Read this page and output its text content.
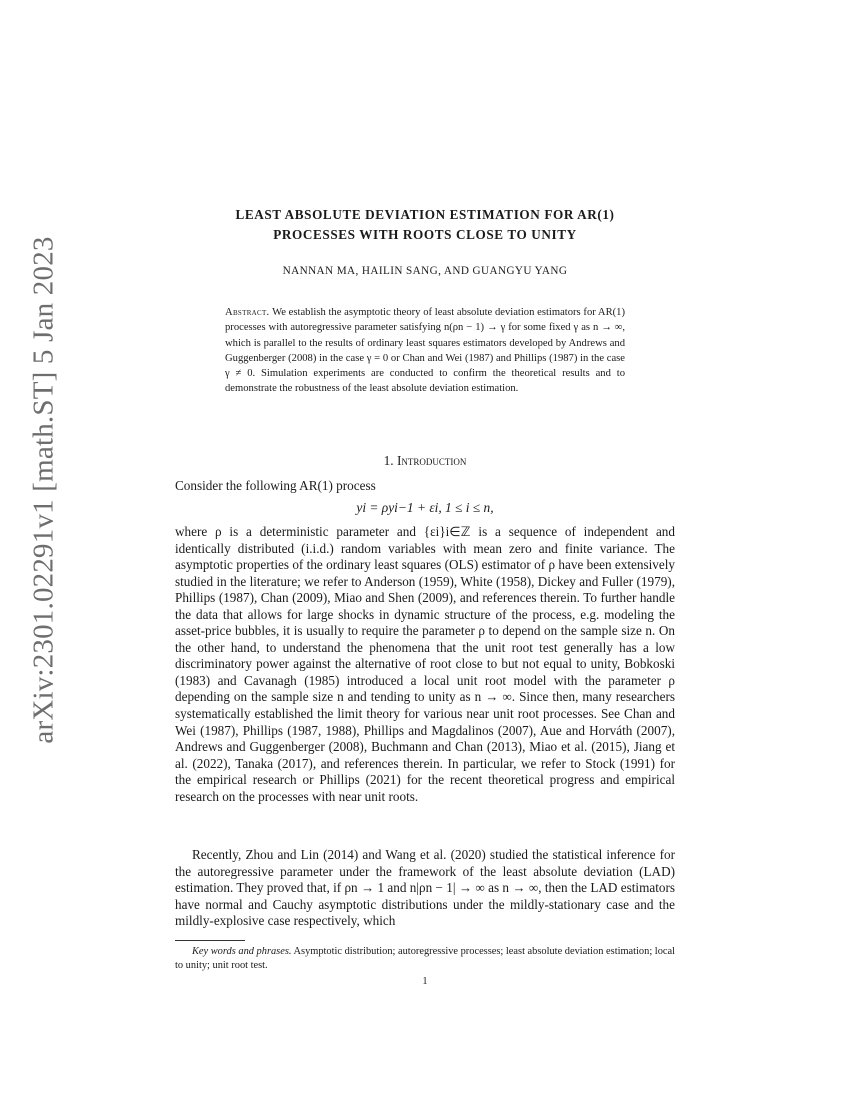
arXiv:2301.02291v1 [math.ST] 5 Jan 2023
LEAST ABSOLUTE DEVIATION ESTIMATION FOR AR(1)
PROCESSES WITH ROOTS CLOSE TO UNITY
NANNAN MA, HAILIN SANG, AND GUANGYU YANG
Abstract. We establish the asymptotic theory of least absolute deviation estimators for AR(1) processes with autoregressive parameter satisfying n(ρn − 1) → γ for some fixed γ as n → ∞, which is parallel to the results of ordinary least squares estimators developed by Andrews and Guggenberger (2008) in the case γ = 0 or Chan and Wei (1987) and Phillips (1987) in the case γ ≠ 0. Simulation experiments are conducted to confirm the theoretical results and to demonstrate the robustness of the least absolute deviation estimation.
1. Introduction
Consider the following AR(1) process
yi = ρyi−1 + εi, 1 ≤ i ≤ n,
where ρ is a deterministic parameter and {εi}i∈ℤ is a sequence of independent and identically distributed (i.i.d.) random variables with mean zero and finite variance. The asymptotic properties of the ordinary least squares (OLS) estimator of ρ have been extensively studied in the literature; we refer to Anderson (1959), White (1958), Dickey and Fuller (1979), Phillips (1987), Chan (2009), Miao and Shen (2009), and references therein. To further handle the data that allows for large shocks in dynamic structure of the process, e.g. modeling the asset-price bubbles, it is usually to require the parameter ρ to depend on the sample size n. On the other hand, to understand the phenomena that the unit root test generally has a low discriminatory power against the alternative of root close to but not equal to unity, Bobkoski (1983) and Cavanagh (1985) introduced a local unit root model with the parameter ρ depending on the sample size n and tending to unity as n → ∞. Since then, many researchers systematically established the limit theory for various near unit root processes. See Chan and Wei (1987), Phillips (1987, 1988), Phillips and Magdalinos (2007), Aue and Horváth (2007), Andrews and Guggenberger (2008), Buchmann and Chan (2013), Miao et al. (2015), Jiang et al. (2022), Tanaka (2017), and references therein. In particular, we refer to Stock (1991) for the empirical research or Phillips (2021) for the recent theoretical progress and empirical research on the processes with near unit roots.
Recently, Zhou and Lin (2014) and Wang et al. (2020) studied the statistical inference for the autoregressive parameter under the framework of the least absolute deviation (LAD) estimation. They proved that, if ρn → 1 and n|ρn − 1| → ∞ as n → ∞, then the LAD estimators have normal and Cauchy asymptotic distributions under the mildly-stationary case and the mildly-explosive case respectively, which
Key words and phrases. Asymptotic distribution; autoregressive processes; least absolute deviation estimation; local to unity; unit root test.
1
